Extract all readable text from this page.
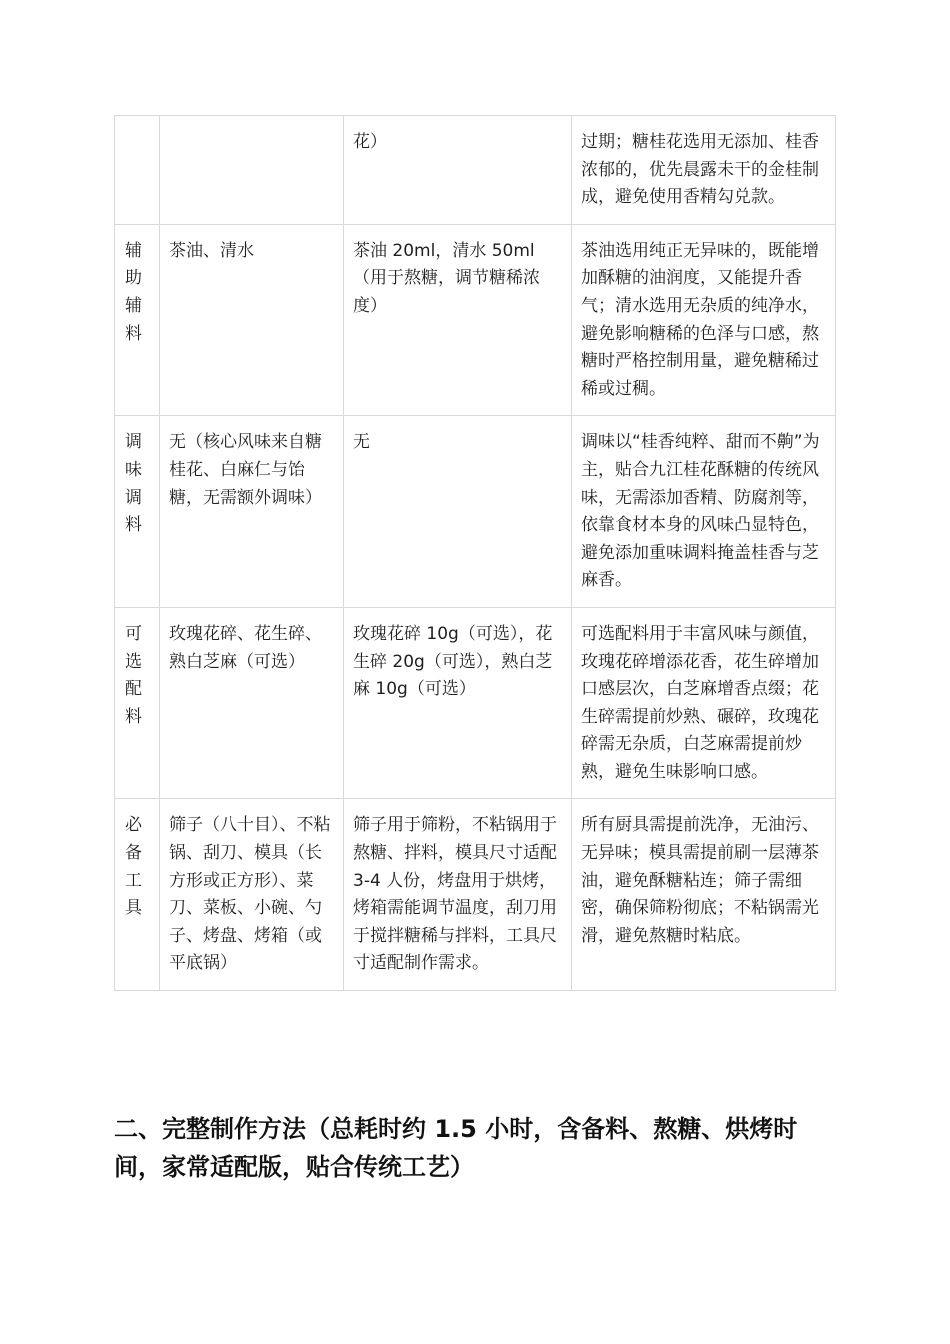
		花）	过期；糖桂花选用无添加、桂香浓郁的，优先晨露未干的金桂制成，避免使用香精勾兑款。

辅助辅料	茶油、清水	茶油 20ml，清水 50ml（用于熬糖，调节糖稀浓度）	茶油选用纯正无异味的，既能增加酥糖的油润度，又能提升香气；清水选用无杂质的纯净水，避免影响糖稀的色泽与口感，熬糖时严格控制用量，避免糖稀过稀或过稠。

调味调料	无（核心风味来自糖桂花、白麻仁与饴糖，无需额外调味）	无	调味以“桂香纯粹、甜而不齁”为主，贴合九江桂花酥糖的传统风味，无需添加香精、防腐剂等，依靠食材本身的风味凸显特色，避免添加重味调料掩盖桂香与芝麻香。

可选配料	玫瑰花碎、花生碎、熟白芝麻（可选）	玫瑰花碎 10g（可选），花生碎 20g（可选），熟白芝麻 10g（可选）	可选配料用于丰富风味与颜值，玫瑰花碎增添花香，花生碎增加口感层次，白芝麻增香点缀；花生碎需提前炒熟、碾碎，玫瑰花碎需无杂质，白芝麻需提前炒熟，避免生味影响口感。

必备工具	筛子（八十目）、不粘锅、刮刀、模具（长方形或正方形）、菜刀、菜板、小碗、勺子、烤盘、烤箱（或平底锅）	筛子用于筛粉，不粘锅用于熬糖、拌料，模具尺寸适配 3-4 人份，烤盘用于烘烤，烤箱需能调节温度，刮刀用于搅拌糖稀与拌料，工具尺寸适配制作需求。	所有厨具需提前洗净，无油污、无异味；模具需提前刷一层薄茶油，避免酥糖粘连；筛子需细密，确保筛粉彻底；不粘锅需光滑，避免熬糖时粘底。
二、完整制作方法（总耗时约 1.5 小时，含备料、熬糖、烘烤时间，家常适配版，贴合传统工艺）
